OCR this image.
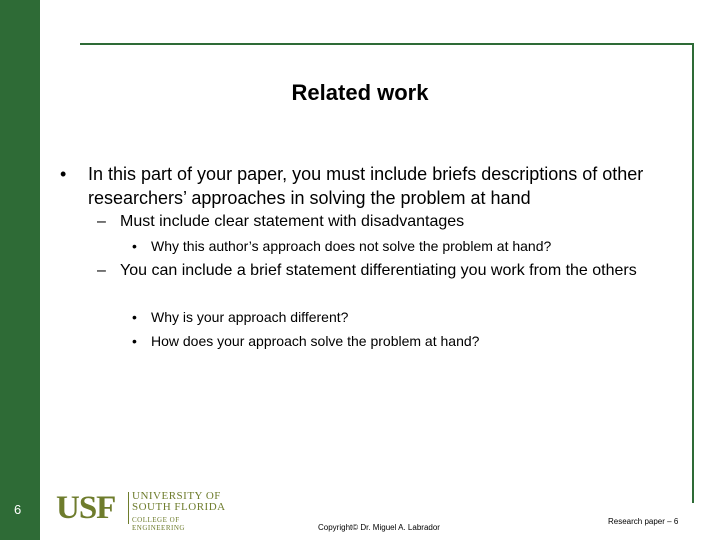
Related work
• In this part of your paper, you must include briefs descriptions of other researchers’ approaches in solving the problem at hand
– Must include clear statement with disadvantages
• Why this author’s approach does not solve the problem at hand?
– You can include a brief statement differentiating you work from the others
• Why is your approach different?
• How does your approach solve the problem at hand?
6 USF	UNIVERSITY OF
SOUTH FLORIDA
COLLEGE OF ENGINEERING	Copyright© Dr. Miguel A. Labrador
Research paper – 6
